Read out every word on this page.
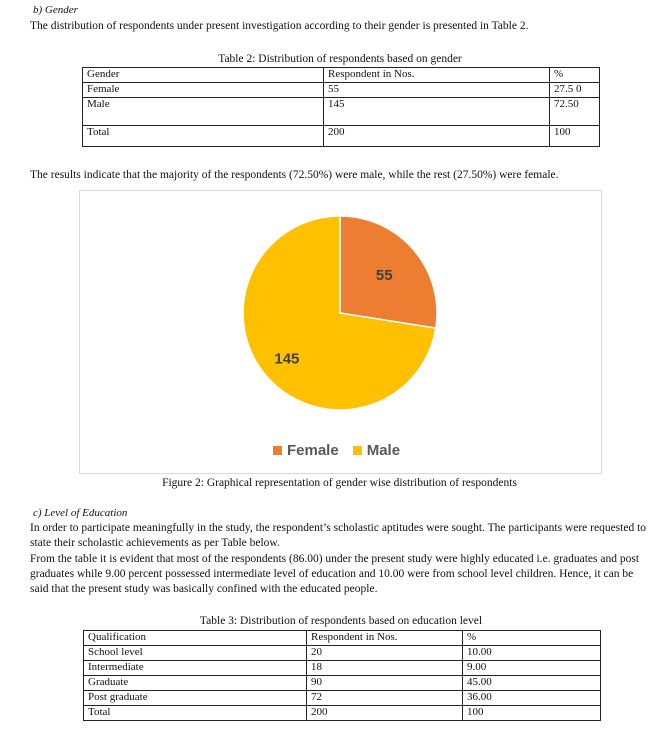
b) Gender
The distribution of respondents under present investigation according to their gender is presented in Table 2.
Table 2: Distribution of respondents based on gender
Gender	Respondent in Nos.	%
Female	55	27.5 0
Male	145	72.50
Total	200	100
The results indicate that the majority of the respondents (72.50%) were male, while the rest (27.50%) were female.
55
145
Female Male
Figure 2: Graphical representation of gender wise distribution of respondents
c) Level of Education
In order to participate meaningfully in the study, the respondent’s scholastic aptitudes were sought. The participants were requested to state their scholastic achievements as per Table below.
From the table it is evident that most of the respondents (86.00) under the present study were highly educated i.e. graduates and post graduates while 9.00 percent possessed intermediate level of education and 10.00 were from school level children. Hence, it can be said that the present study was basically confined with the educated people.
Table 3: Distribution of respondents based on education level
Qualification	Respondent in Nos.	%
School level	20	10.00
Intermediate	18	9.00
Graduate	90	45.00
Post graduate	72	36.00
Total	200	100
